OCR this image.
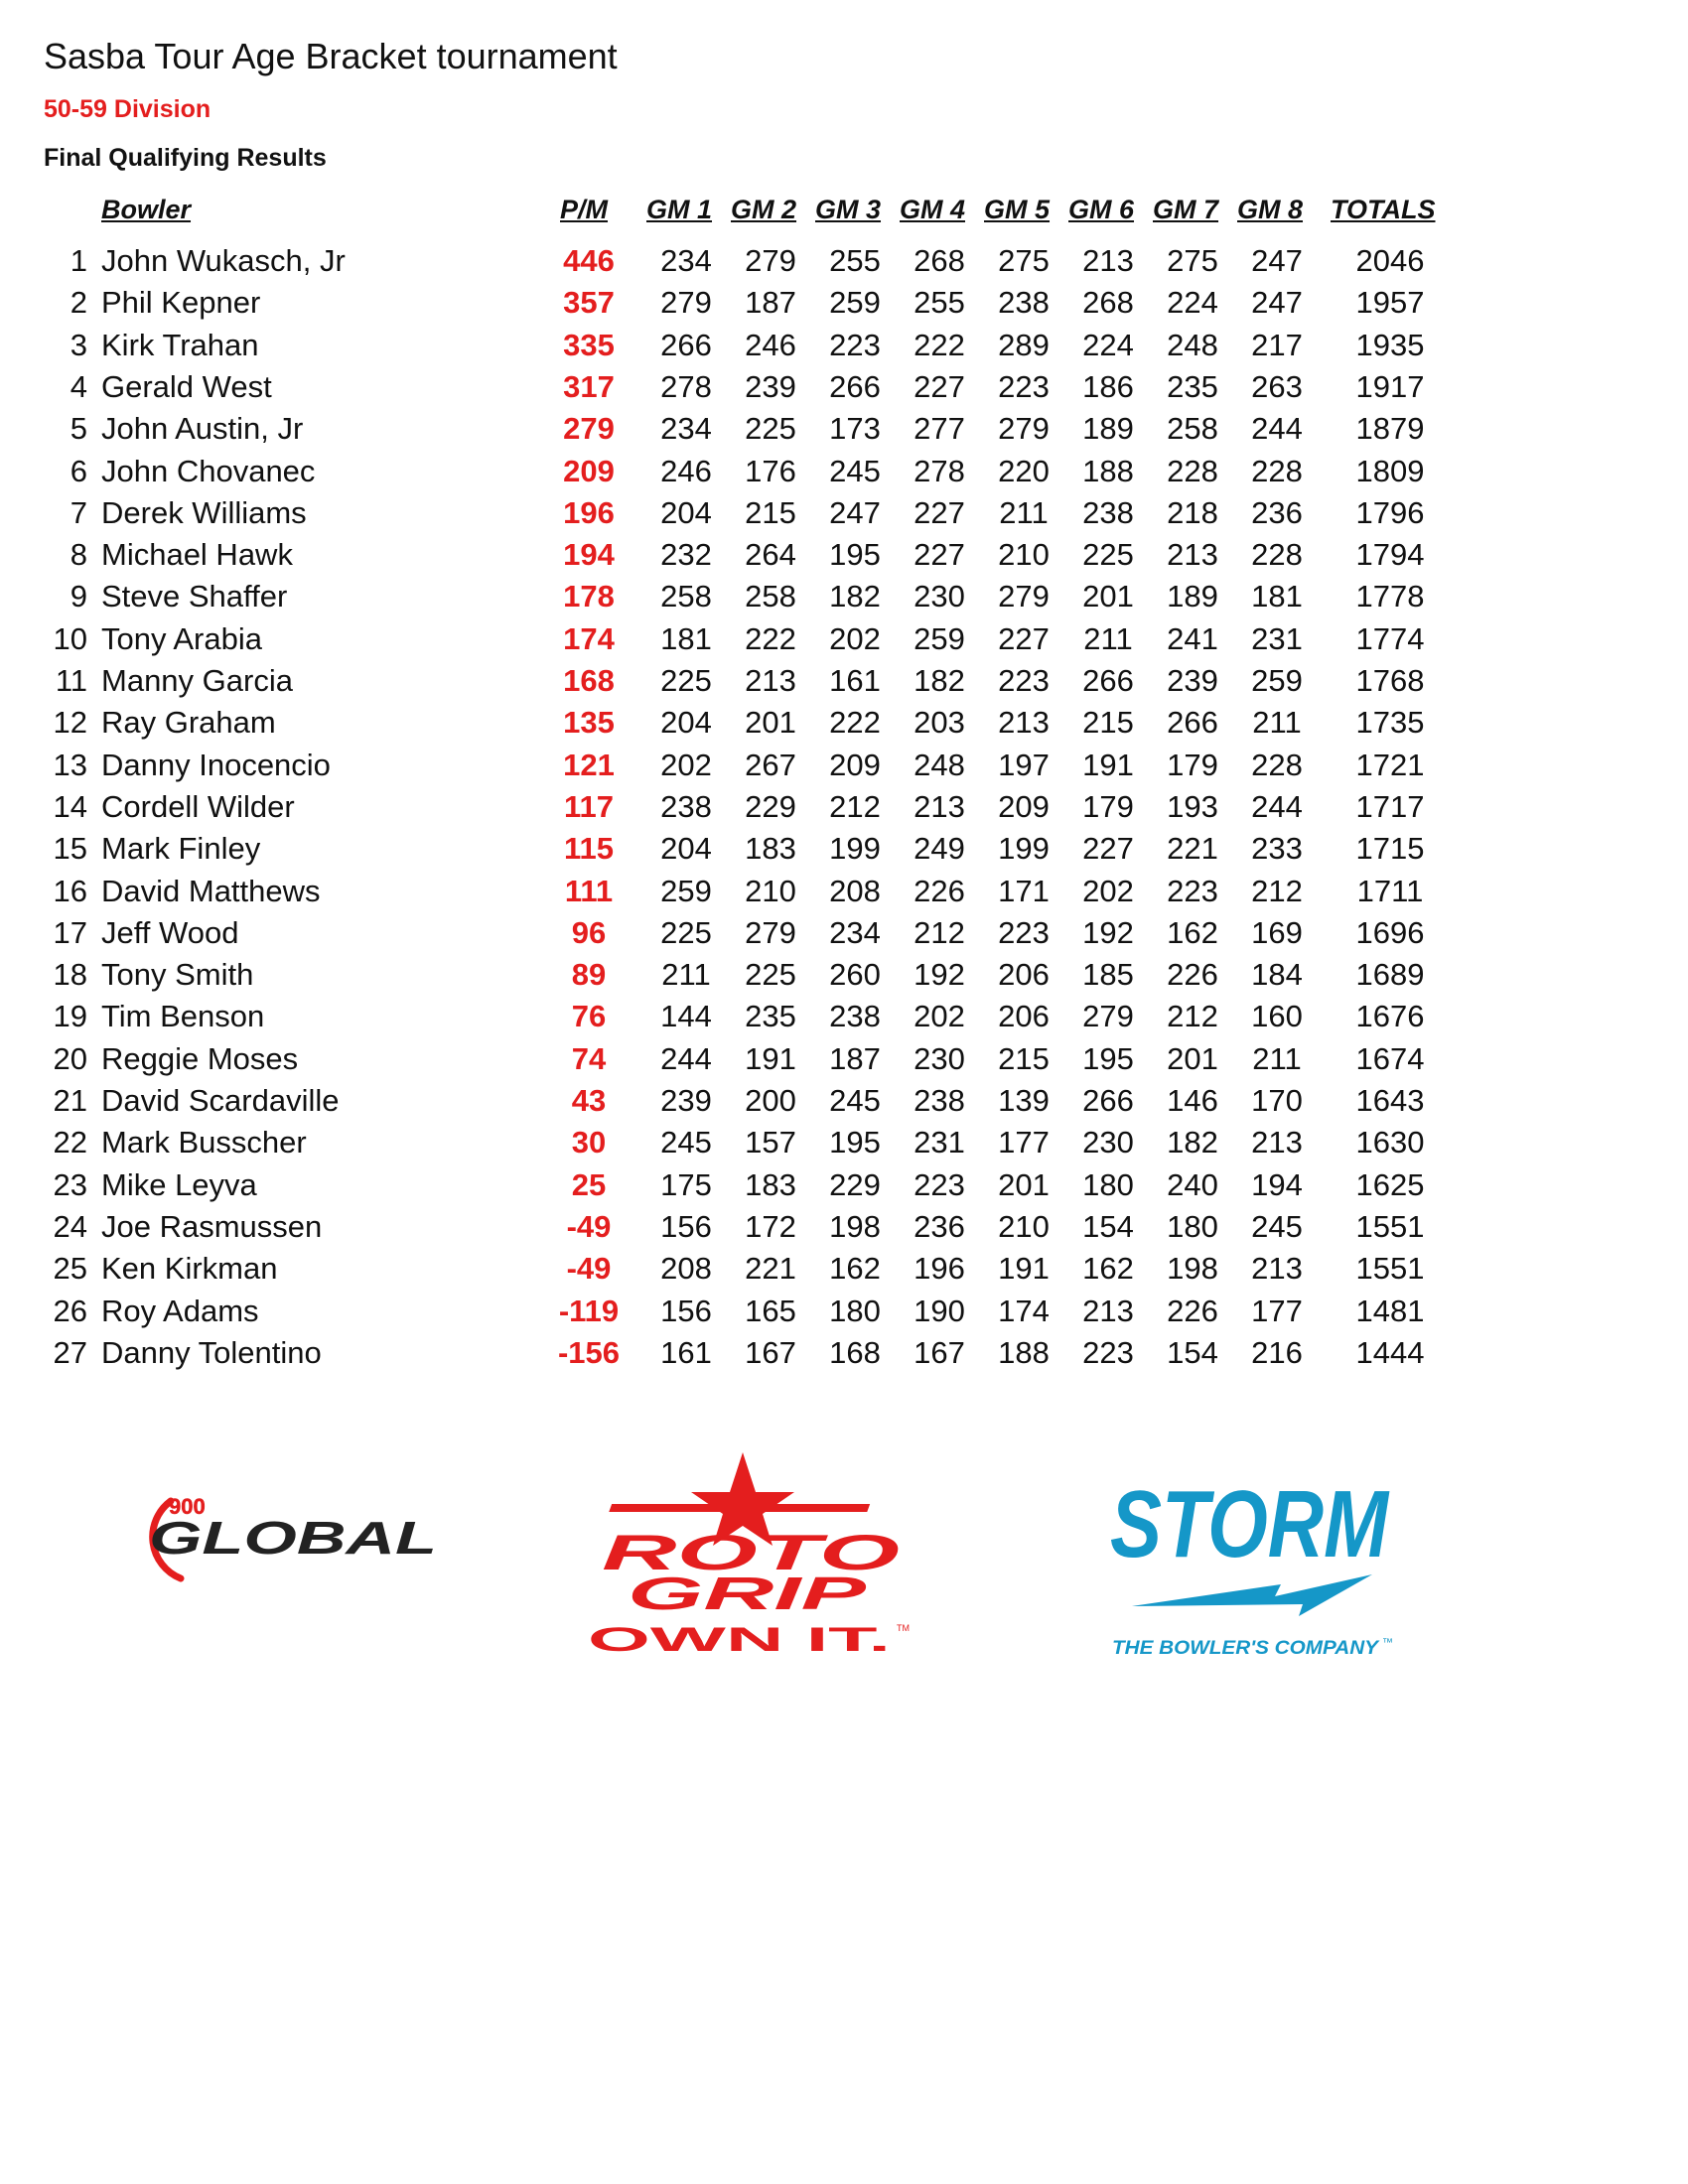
Sasba Tour Age Bracket tournament
50-59 Division
Final Qualifying Results
Bowler	P/M GM 1 GM 2 GM 3 GM 4 GM 5 GM 6 GM 7 GM 8 TOTALS
1 John Wukasch, Jr	446	234 279 255 268 275 213 275 247	2046
2 Phil Kepner	357	279 187 259 255 238 268 224 247	1957
3 Kirk Trahan	335	266 246 223 222 289 224 248 217	1935
4 Gerald West	317	278 239 266 227 223 186 235 263	1917
5 John Austin, Jr	279	234 225 173 277 279 189 258 244	1879
6 John Chovanec	209	246 176 245 278 220 188 228 228	1809
7 Derek Williams	196	204 215 247 227	211	238 218 236	1796
8 Michael Hawk	194	232 264 195 227 210 225 213 228	1794
9 Steve Shaffer	178	258 258 182 230 279 201 189 181	1778
10 Tony Arabia	174	181 222 202 259 227	211	241 231	1774
11 Manny Garcia	168	225 213 161 182 223 266 239 259	1768
12 Ray Graham	135	204 201 222 203 213 215 266	211	1735
13 Danny Inocencio	121	202 267 209 248 197 191 179 228	1721
14 Cordell Wilder	117	238 229 212 213 209 179 193 244	1717
15 Mark Finley	115	204 183 199 249 199 227 221 233	1715
16 David Matthews	111	259 210 208 226 171 202 223 212	1711
17 Jeff Wood	96	225 279 234 212 223 192 162 169	1696
18 Tony Smith	89	211	225 260 192 206 185 226 184	1689
19 Tim Benson	76	144 235 238 202 206 279 212 160	1676
20 Reggie Moses	74	244 191 187 230 215 195 201	211	1674
21 David Scardaville	43	239 200 245 238 139 266 146 170	1643
22 Mark Busscher	30	245 157 195 231 177 230 182 213	1630
23 Mike Leyva	25	175 183 229 223 201 180 240 194	1625
24 Joe Rasmussen	-49	156 172 198 236 210 154 180 245	1551
25 Ken Kirkman	-49	208 221 162 196 191 162 198 213	1551
26 Roy Adams	-119	156 165 180 190 174 213 226 177	1481
27 Danny Tolentino	-156	161 167 168 167 188 223 154 216	1444
900
GLOBAL	ROTO
GRIP
OWN IT. TM
STORM
THE BOWLER'S COMPANY ™
